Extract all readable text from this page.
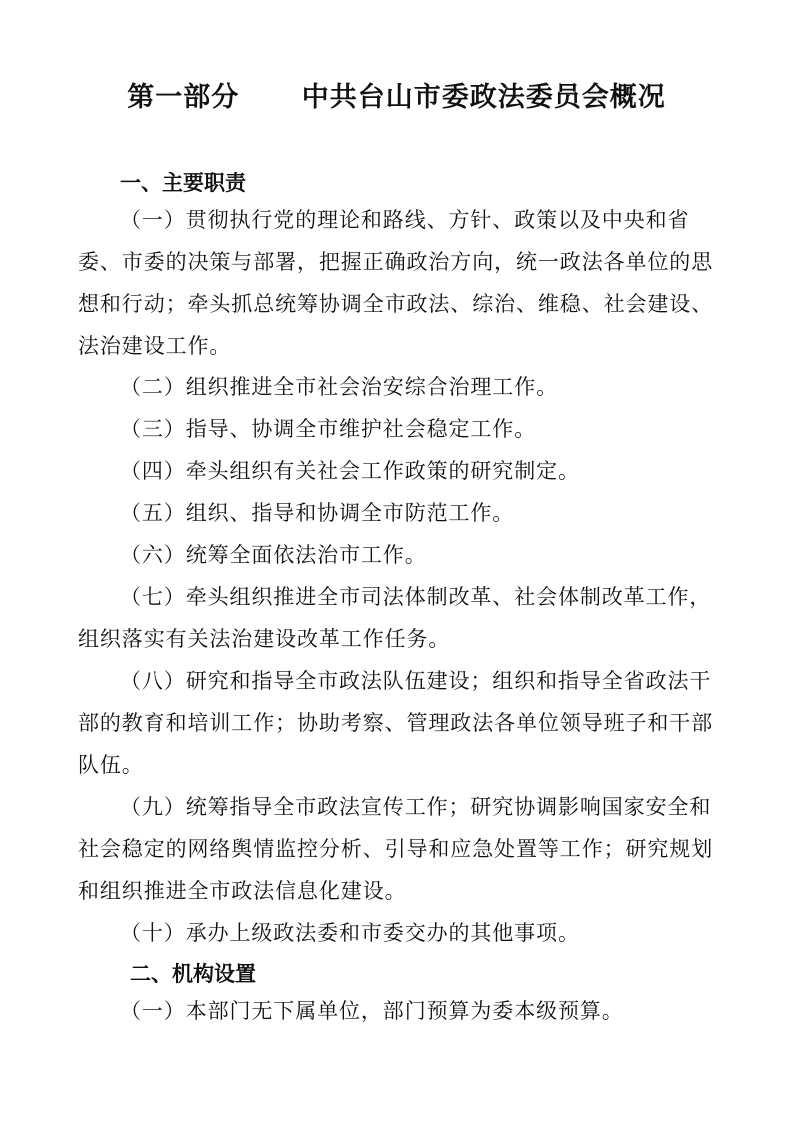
第一部分      中共台山市委政法委员会概况
一、主要职责

（一）贯彻执行党的理论和路线、方针、政策以及中央和省委、市委的决策与部署，把握正确政治方向，统一政法各单位的思想和行动；牵头抓总统筹协调全市政法、综治、维稳、社会建设、法治建设工作。

（二）组织推进全市社会治安综合治理工作。

（三）指导、协调全市维护社会稳定工作。

（四）牵头组织有关社会工作政策的研究制定。

（五）组织、指导和协调全市防范工作。

（六）统筹全面依法治市工作。

（七）牵头组织推进全市司法体制改革、社会体制改革工作，组织落实有关法治建设改革工作任务。

（八）研究和指导全市政法队伍建设；组织和指导全省政法干部的教育和培训工作；协助考察、管理政法各单位领导班子和干部队伍。

（九）统筹指导全市政法宣传工作；研究协调影响国家安全和社会稳定的网络舆情监控分析、引导和应急处置等工作；研究规划和组织推进全市政法信息化建设。

（十）承办上级政法委和市委交办的其他事项。

二、机构设置

（一）本部门无下属单位，部门预算为委本级预算。
